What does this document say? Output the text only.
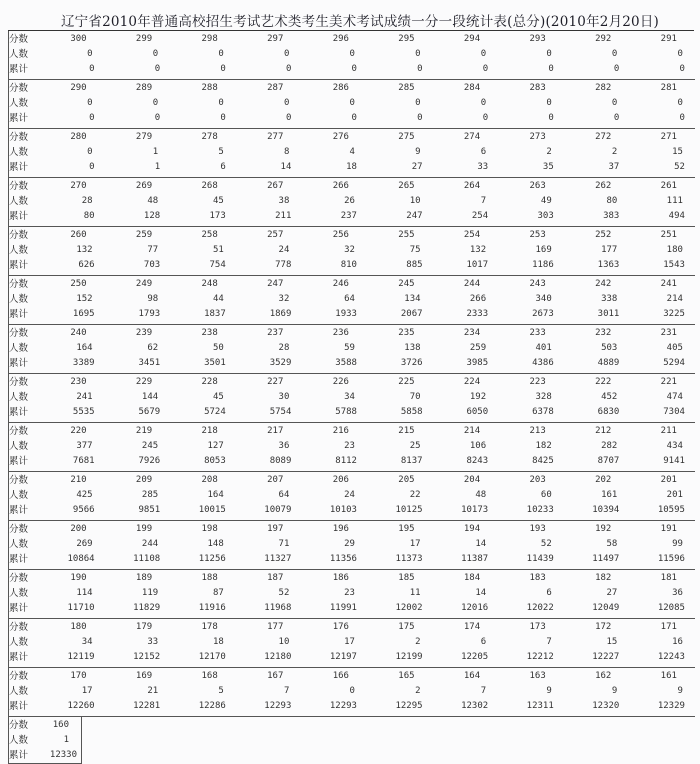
辽宁省2010年普通高校招生考试艺术类考生美术考试成绩一分一段统计表(总分)(2010年2月20日)
分数
人数
累计
300
0
0
299
0
0
298
0
0
297
0
0
296
0
0
295
0
0
294
0
0
293
0
0
292
0
0
291
0
0
分数
人数
累计
290
0
0
289
0
0
288
0
0
287
0
0
286
0
0
285
0
0
284
0
0
283
0
0
282
0
0
281
0
0
分数
人数
累计
280
0
0
279
1
1
278
5
6
277
8
14
276
4
18
275
9
27
274
6
33
273
2
35
272
2
37
271
15
52
分数
人数
累计
270
28
80
269
48
128
268
45
173
267
38
211
266
26
237
265
10
247
264
7
254
263
49
303
262
80
383
261
111
494
分数
人数
累计
260
132
626
259
77
703
258
51
754
257
24
778
256
32
810
255
75
885
254
132
1017
253
169
1186
252
177
1363
251
180
1543
分数
人数
累计
250
152
1695
249
98
1793
248
44
1837
247
32
1869
246
64
1933
245
134
2067
244
266
2333
243
340
2673
242
338
3011
241
214
3225
分数
人数
累计
240
164
3389
239
62
3451
238
50
3501
237
28
3529
236
59
3588
235
138
3726
234
259
3985
233
401
4386
232
503
4889
231
405
5294
分数
人数
累计
230
241
5535
229
144
5679
228
45
5724
227
30
5754
226
34
5788
225
70
5858
224
192
6050
223
328
6378
222
452
6830
221
474
7304
分数
人数
累计
220
377
7681
219
245
7926
218
127
8053
217
36
8089
216
23
8112
215
25
8137
214
106
8243
213
182
8425
212
282
8707
211
434
9141
分数
人数
累计
210
425
9566
209
285
9851
208
164
10015
207
64
10079
206
24
10103
205
22
10125
204
48
10173
203
60
10233
202
161
10394
201
201
10595
分数
人数
累计
200
269
10864
199
244
11108
198
148
11256
197
71
11327
196
29
11356
195
17
11373
194
14
11387
193
52
11439
192
58
11497
191
99
11596
分数
人数
累计
190
114
11710
189
119
11829
188
87
11916
187
52
11968
186
23
11991
185
11
12002
184
14
12016
183
6
12022
182
27
12049
181
36
12085
分数
人数
累计
180
34
12119
179
33
12152
178
18
12170
177
10
12180
176
17
12197
175
2
12199
174
6
12205
173
7
12212
172
15
12227
171
16
12243
分数
人数
累计
170
17
12260
169
21
12281
168
5
12286
167
7
12293
166
0
12293
165
2
12295
164
7
12302
163
9
12311
162
9
12320
161
9
12329
分数
人数
累计
160
1
12330
